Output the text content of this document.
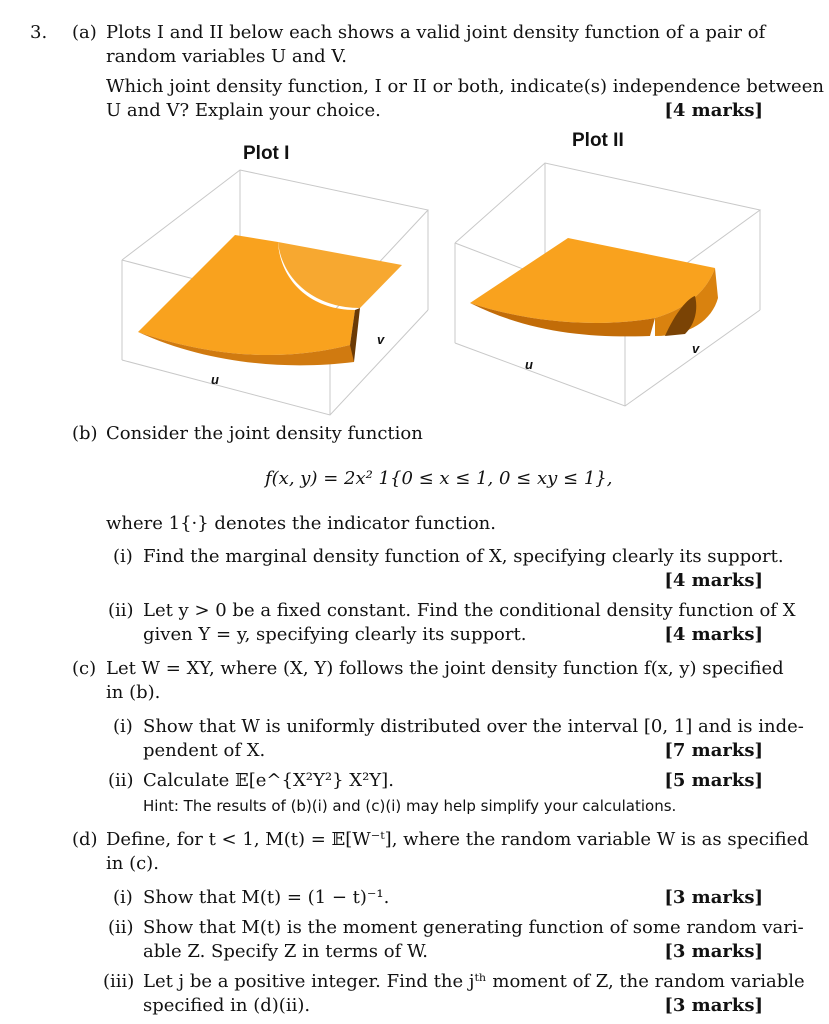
3. (a) Plots I and II below each shows a valid joint density function of a pair of
random variables U and V.
Which joint density function, I or II or both, indicate(s) independence between
U and V? Explain your choice.	[4 marks]
Plot I
u
v
Plot II
u
v
(b) Consider the joint density function
f(x, y) = 2x² 1{0 ≤ x ≤ 1, 0 ≤ xy ≤ 1},
where 1{·} denotes the indicator function.
(i) Find the marginal density function of X, specifying clearly its support.
[4 marks]
(ii) Let y > 0 be a fixed constant. Find the conditional density function of X
given Y = y, specifying clearly its support.	[4 marks]
(c) Let W = XY, where (X, Y) follows the joint density function f(x, y) specified
in (b).
(i) Show that W is uniformly distributed over the interval [0, 1] and is inde-
pendent of X.	[7 marks]
(ii) Calculate 𝔼[e^{X²Y²} X²Y].	[5 marks]
Hint: The results of (b)(i) and (c)(i) may help simplify your calculations.
(d) Define, for t < 1, M(t) = 𝔼[W⁻ᵗ], where the random variable W is as specified
in (c).
(i) Show that M(t) = (1 − t)⁻¹.	[3 marks]
(ii) Show that M(t) is the moment generating function of some random vari-
able Z. Specify Z in terms of W.	[3 marks]
(iii) Let j be a positive integer. Find the jᵗʰ moment of Z, the random variable
specified in (d)(ii).	[3 marks]
